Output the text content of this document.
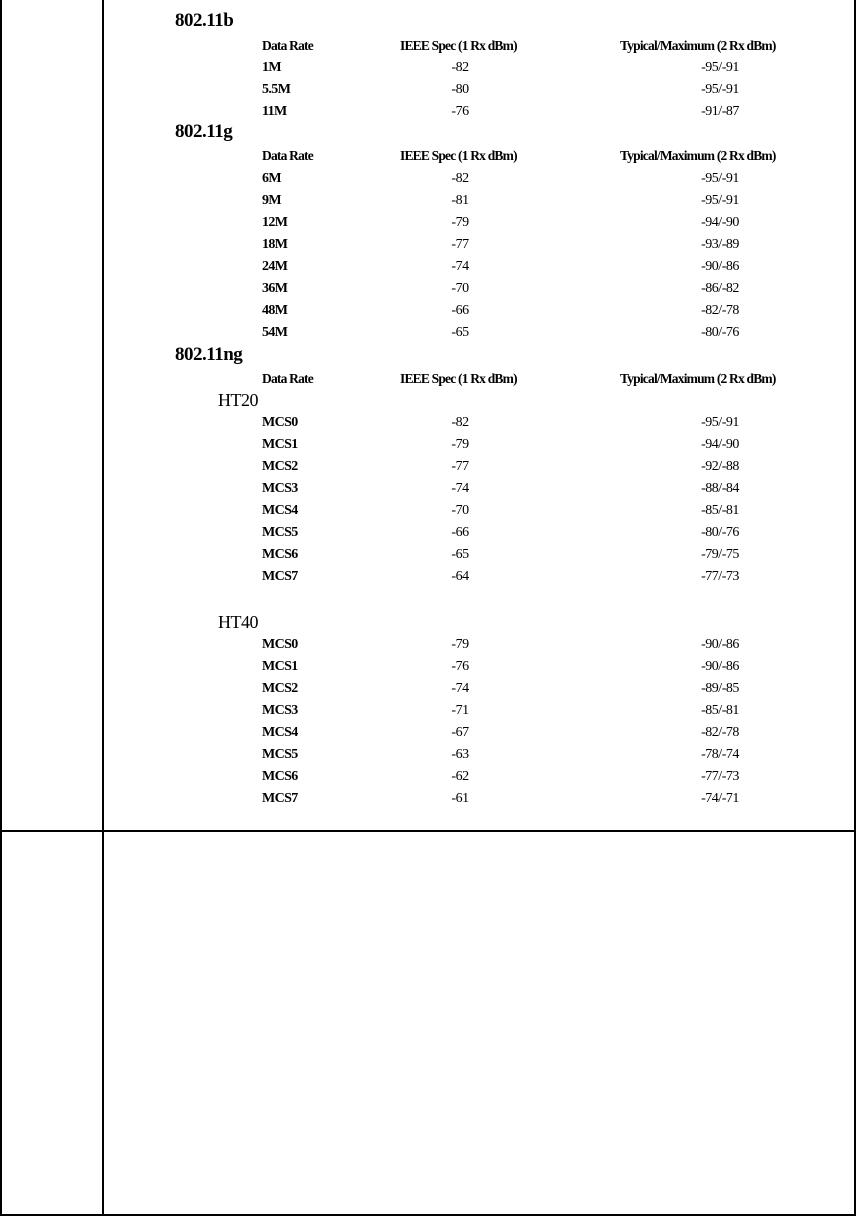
802.11b
Data Rate	IEEE Spec (1 Rx dBm)	Typical/Maximum (2 Rx dBm)
1M	-82	-95/-91
5.5M	-80	-95/-91
11M	-76	-91/-87
802.11g
Data Rate	IEEE Spec (1 Rx dBm)	Typical/Maximum (2 Rx dBm)
6M	-82	-95/-91
9M	-81	-95/-91
12M	-79	-94/-90
18M	-77	-93/-89
24M	-74	-90/-86
36M	-70	-86/-82
48M	-66	-82/-78
54M	-65	-80/-76
802.11ng
Data Rate	IEEE Spec (1 Rx dBm)	Typical/Maximum (2 Rx dBm)
HT20
MCS0	-82	-95/-91
MCS1	-79	-94/-90
MCS2	-77	-92/-88
MCS3	-74	-88/-84
MCS4	-70	-85/-81
MCS5	-66	-80/-76
MCS6	-65	-79/-75
MCS7	-64	-77/-73
HT40
MCS0	-79	-90/-86
MCS1	-76	-90/-86
MCS2	-74	-89/-85
MCS3	-71	-85/-81
MCS4	-67	-82/-78
MCS5	-63	-78/-74
MCS6	-62	-77/-73
MCS7	-61	-74/-71
